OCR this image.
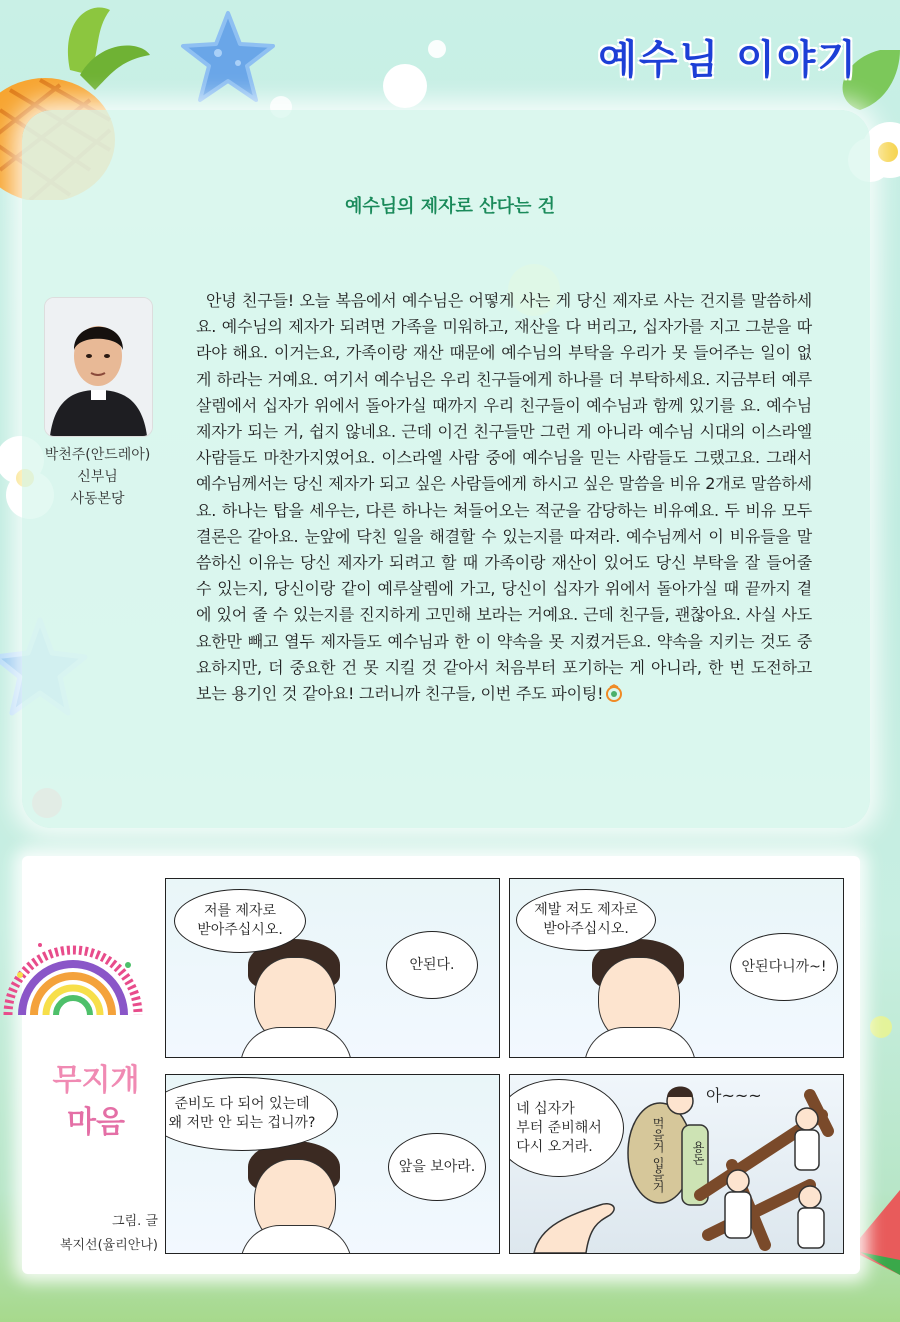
예수님 이야기
예수님의 제자로 산다는 건
박천주(안드레아)
신부님
사동본당
안녕 친구들! 오늘 복음에서 예수님은 어떻게 사는 게 당신 제자로 사는 건지를 말씀하세요. 예수님의 제자가 되려면 가족을 미워하고, 재산을 다 버리고, 십자가를 지고 그분을 따라야 해요. 이거는요, 가족이랑 재산 때문에 예수님의 부탁을 우리가 못 들어주는 일이 없게 하라는 거예요. 여기서 예수님은 우리 친구들에게 하나를 더 부탁하세요. 지금부터 예루살렘에서 십자가 위에서 돌아가실 때까지 우리 친구들이 예수님과 함께 있기를 요. 예수님 제자가 되는 거, 쉽지 않네요. 근데 이건 친구들만 그런 게 아니라 예수님 시대의 이스라엘 사람들도 마찬가지였어요. 이스라엘 사람 중에 예수님을 믿는 사람들도 그랬고요. 그래서 예수님께서는 당신 제자가 되고 싶은 사람들에게 하시고 싶은 말씀을 비유 2개로 말씀하세요. 하나는 탑을 세우는, 다른 하나는 쳐들어오는 적군을 감당하는 비유예요. 두 비유 모두 결론은 같아요. 눈앞에 닥친 일을 해결할 수 있는지를 따져라. 예수님께서 이 비유들을 말씀하신 이유는 당신 제자가 되려고 할 때 가족이랑 재산이 있어도 당신 부탁을 잘 들어줄 수 있는지, 당신이랑 같이 예루살렘에 가고, 당신이 십자가 위에서 돌아가실 때 끝까지 곁에 있어 줄 수 있는지를 진지하게 고민해 보라는 거예요. 근데 친구들, 괜찮아요. 사실 사도 요한만 빼고 열두 제자들도 예수님과 한 이 약속을 못 지켰거든요. 약속을 지키는 것도 중요하지만, 더 중요한 건 못 지킬 것 같아서 처음부터 포기하는 게 아니라, 한 번 도전하고 보는 용기인 것 같아요! 그러니까 친구들, 이번 주도 파이팅!
무지개
마음
그림. 글
복지선(율리안나)
저를 제자로
받아주십시오.
안된다.
제발 저도 제자로
받아주십시오.
안된다니까~!
준비도 다 되어 있는데
왜 저만 안 되는 겁니까?
앞을 보아라.
네 십자가
부터 준비해서
다시 오거라.
아~~~
먹을거 입을거 용돈
